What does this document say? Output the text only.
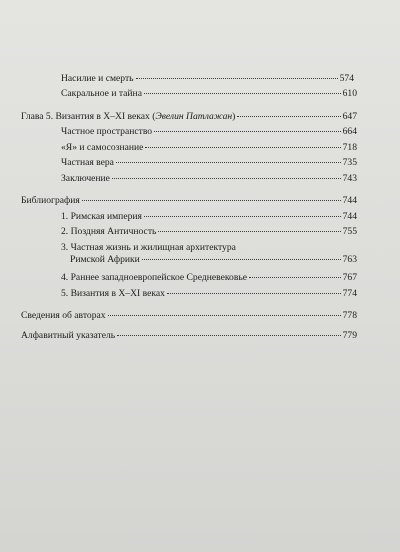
Насилие и смерть	574
Сакральное и тайна	610
Глава 5. Византия в X–XI веках (Эвелин Патлажан)	647
Частное пространство	664
«Я» и самосознание	718
Частная вера	735
Заключение	743
Библиография	744
1. Римская империя	744
2. Поздняя Античность	755
3. Частная жизнь и жилищная архитектура
Римской Африки	763
4. Раннее западноевропейское Средневековье	767
5. Византия в X–XI веках	774
Сведения об авторах	778
Алфавитный указатель	779
